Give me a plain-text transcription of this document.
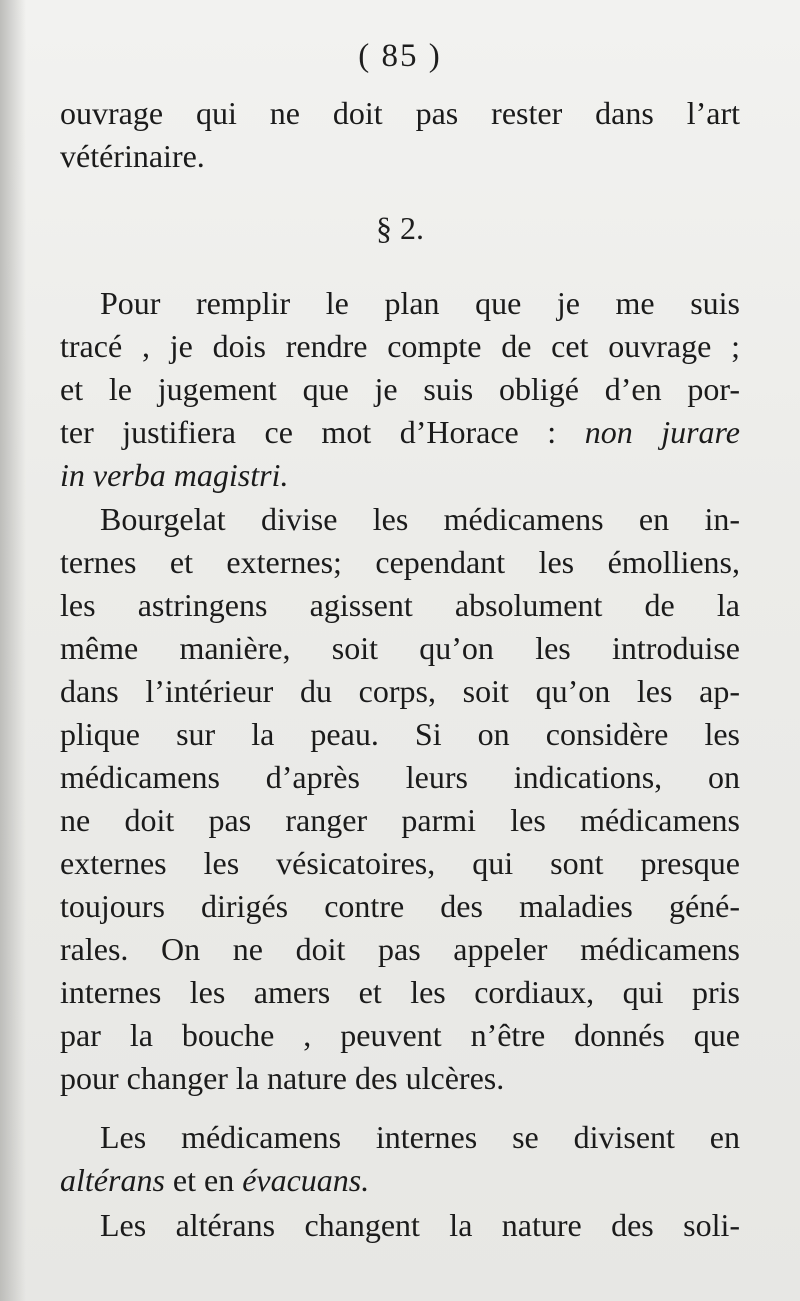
( 85 )
ouvrage qui ne doit pas rester dans l’art
vétérinaire.
§ 2.
Pour remplir le plan que je me suis
tracé , je dois rendre compte de cet ouvrage ;
et le jugement que je suis obligé d’en por-
ter justifiera ce mot d’Horace : non jurare
in verba magistri.
Bourgelat divise les médicamens en in-
ternes et externes; cependant les émolliens,
les astringens agissent absolument de la
même manière, soit qu’on les introduise
dans l’intérieur du corps, soit qu’on les ap-
plique sur la peau. Si on considère les
médicamens d’après leurs indications, on
ne doit pas ranger parmi les médicamens
externes les vésicatoires, qui sont presque
toujours dirigés contre des maladies géné-
rales. On ne doit pas appeler médicamens
internes les amers et les cordiaux, qui pris
par la bouche , peuvent n’être donnés que
pour changer la nature des ulcères.
Les médicamens internes se divisent en
altérans et en évacuans.
Les altérans changent la nature des soli-
